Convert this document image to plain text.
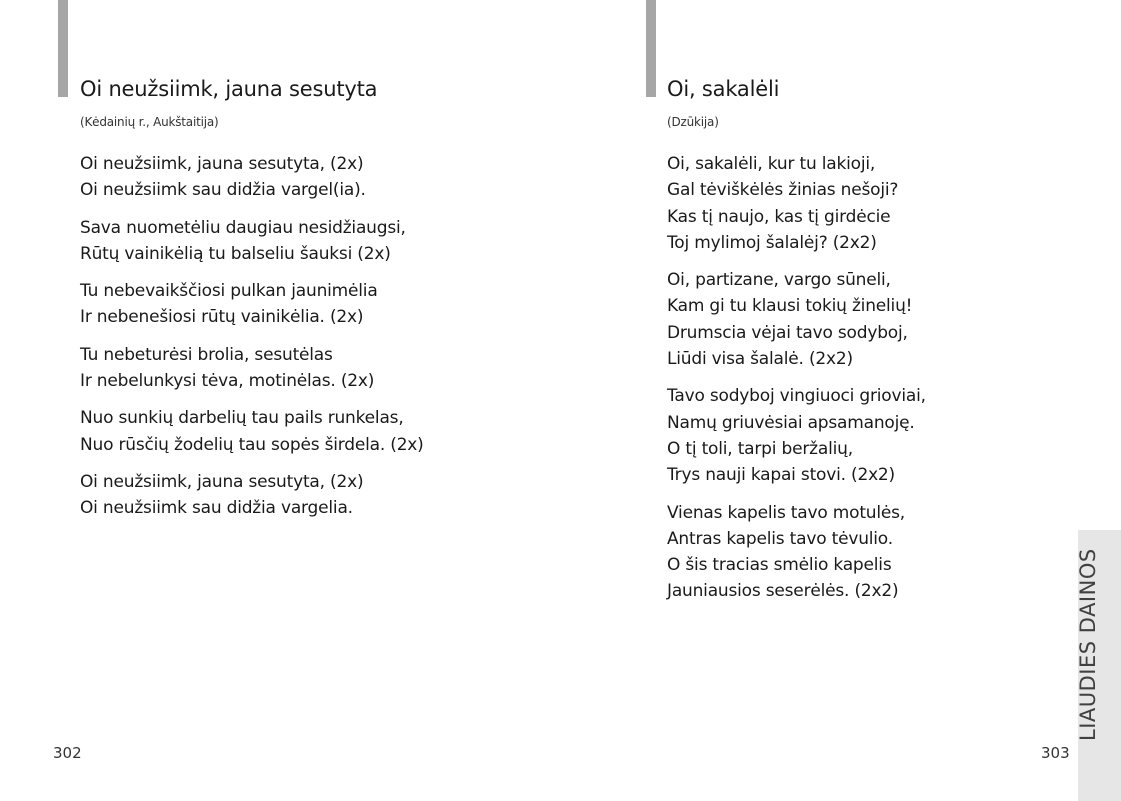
Oi neužsiimk, jauna sesutyta
(Kėdainių r., Aukštaitija)
Oi neužsiimk, jauna sesutyta, (2x)
Oi neužsiimk sau didžia vargel(ia).
Sava nuometėliu daugiau nesidžiaugsi,
Rūtų vainikėlią tu balseliu šauksi (2x)
Tu nebevaikščiosi pulkan jaunimėlia
Ir nebenešiosi rūtų vainikėlia. (2x)
Tu nebeturėsi brolia, sesutėlas
Ir nebelunkysi tėva, motinėlas. (2x)
Nuo sunkių darbelių tau pails runkelas,
Nuo rūsčių žodelių tau sopės širdela. (2x)
Oi neužsiimk, jauna sesutyta, (2x)
Oi neužsiimk sau didžia vargelia.
Oi, sakalėli
(Dzūkija)
Oi, sakalėli, kur tu lakioji,
Gal tėviškėlės žinias nešoji?
Kas tį naujo, kas tį girdėcie
Toj mylimoj šalalėj? (2x2)
Oi, partizane, vargo sūneli,
Kam gi tu klausi tokių žinelių!
Drumscia vėjai tavo sodyboj,
Liūdi visa šalalė. (2x2)
Tavo sodyboj vingiuoci grioviai,
Namų griuvėsiai apsamanoję.
O tį toli, tarpi beržalių,
Trys nauji kapai stovi. (2x2)
Vienas kapelis tavo motulės,
Antras kapelis tavo tėvulio.
O šis tracias smėlio kapelis
Jauniausios seserėlės. (2x2)
302	303
LIAUDIES DAINOS
